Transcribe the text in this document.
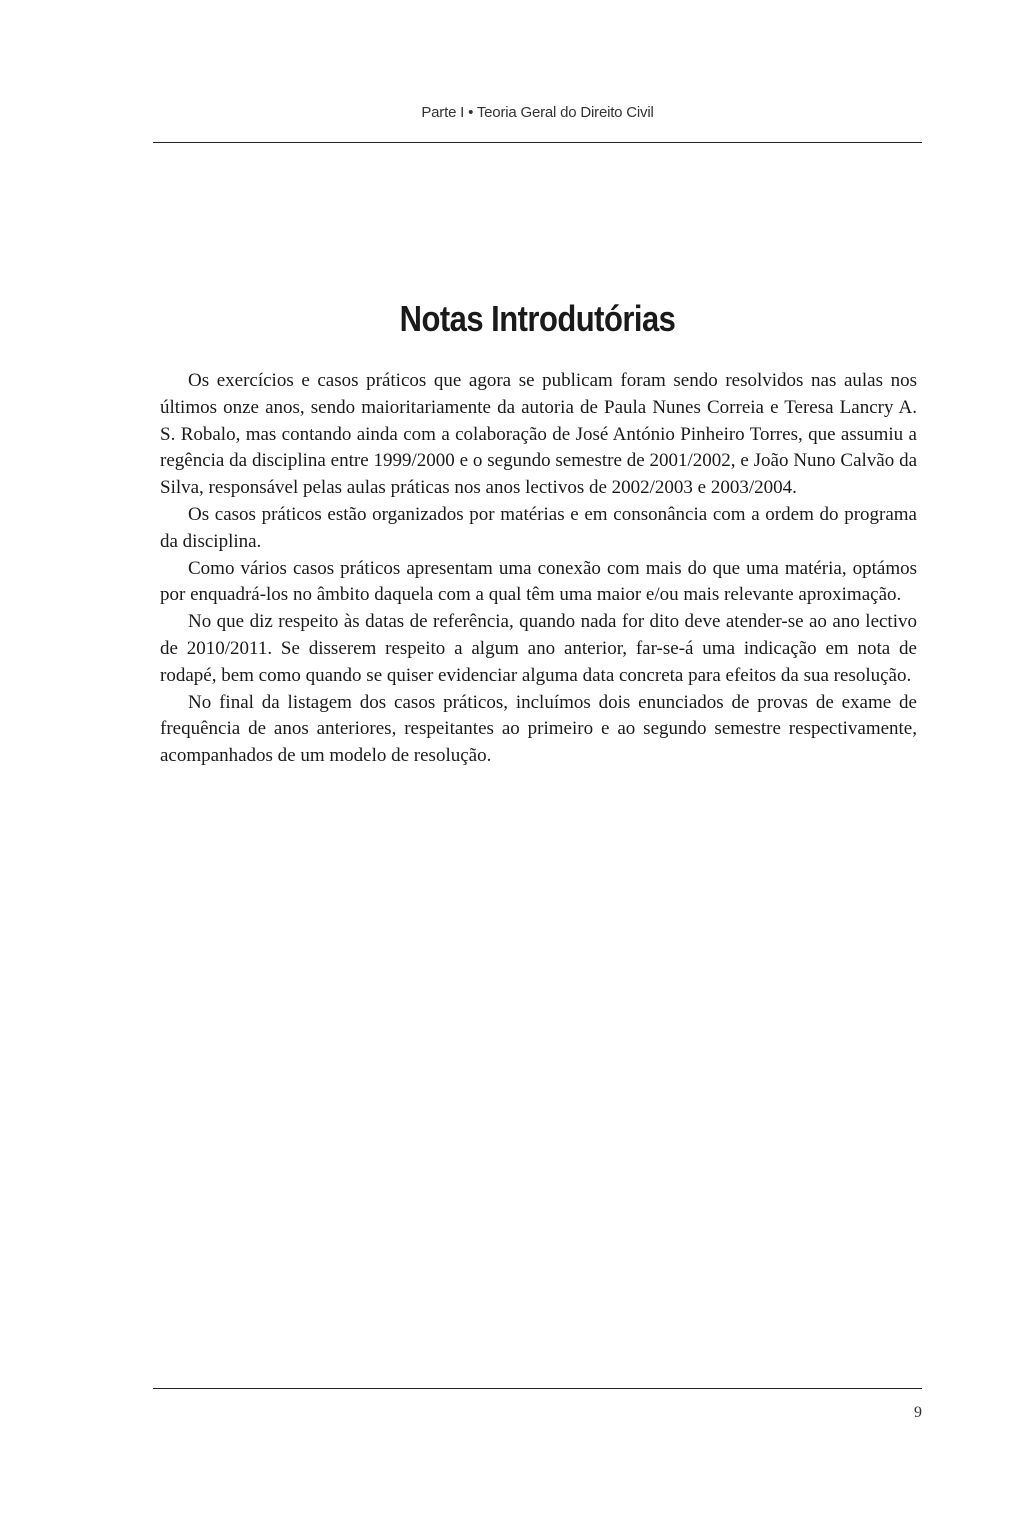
Parte I • Teoria Geral do Direito Civil
Notas Introdutórias

Os exercícios e casos práticos que agora se publicam foram sendo resolvidos nas aulas nos últimos onze anos, sendo maioritariamente da autoria de Paula Nunes Correia e Teresa Lancry A. S. Robalo, mas contando ainda com a colaboração de José António Pinheiro Torres, que assumiu a regência da disciplina entre 1999/2000 e o segundo semestre de 2001/2002, e João Nuno Calvão da Silva, responsável pelas aulas práticas nos anos lectivos de 2002/2003 e 2003/2004.

Os casos práticos estão organizados por matérias e em consonância com a ordem do programa da disciplina.

Como vários casos práticos apresentam uma conexão com mais do que uma matéria, optámos por enquadrá-los no âmbito daquela com a qual têm uma maior e/ou mais relevante aproximação.

No que diz respeito às datas de referência, quando nada for dito deve atender-se ao ano lectivo de 2010/2011. Se disserem respeito a algum ano anterior, far-se-á uma indicação em nota de rodapé, bem como quando se quiser evidenciar alguma data concreta para efeitos da sua resolução.

No final da listagem dos casos práticos, incluímos dois enunciados de provas de exame de frequência de anos anteriores, respeitantes ao primeiro e ao segundo semestre respectivamente, acompanhados de um modelo de resolução.

9
